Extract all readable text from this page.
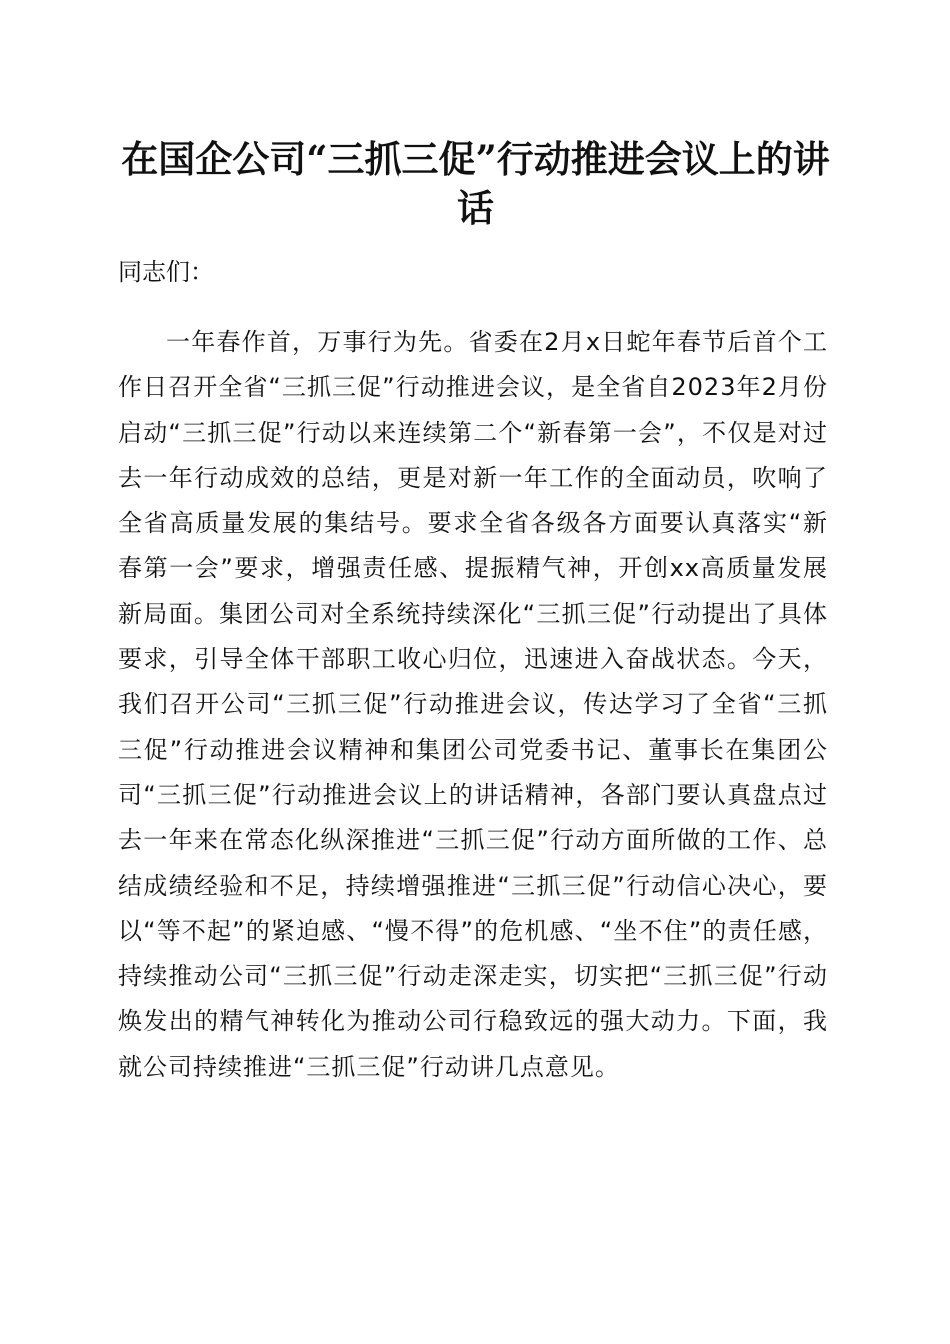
在国企公司“三抓三促”行动推进会议上的讲话

同志们：

一年春作首，万事行为先。省委在2月x日蛇年春节后首个工作日召开全省“三抓三促”行动推进会议，是全省自2023年2月份启动“三抓三促”行动以来连续第二个“新春第一会”，不仅是对过去一年行动成效的总结，更是对新一年工作的全面动员，吹响了全省高质量发展的集结号。要求全省各级各方面要认真落实“新春第一会”要求，增强责任感、提振精气神，开创xx高质量发展新局面。集团公司对全系统持续深化“三抓三促”行动提出了具体要求，引导全体干部职工收心归位，迅速进入奋战状态。今天，我们召开公司“三抓三促”行动推进会议，传达学习了全省“三抓三促”行动推进会议精神和集团公司党委书记、董事长在集团公司“三抓三促”行动推进会议上的讲话精神，各部门要认真盘点过去一年来在常态化纵深推进“三抓三促”行动方面所做的工作、总结成绩经验和不足，持续增强推进“三抓三促”行动信心决心，要以“等不起”的紧迫感、“慢不得”的危机感、“坐不住”的责任感，持续推动公司“三抓三促”行动走深走实，切实把“三抓三促”行动焕发出的精气神转化为推动公司行稳致远的强大动力。下面，我就公司持续推进“三抓三促”行动讲几点意见。
